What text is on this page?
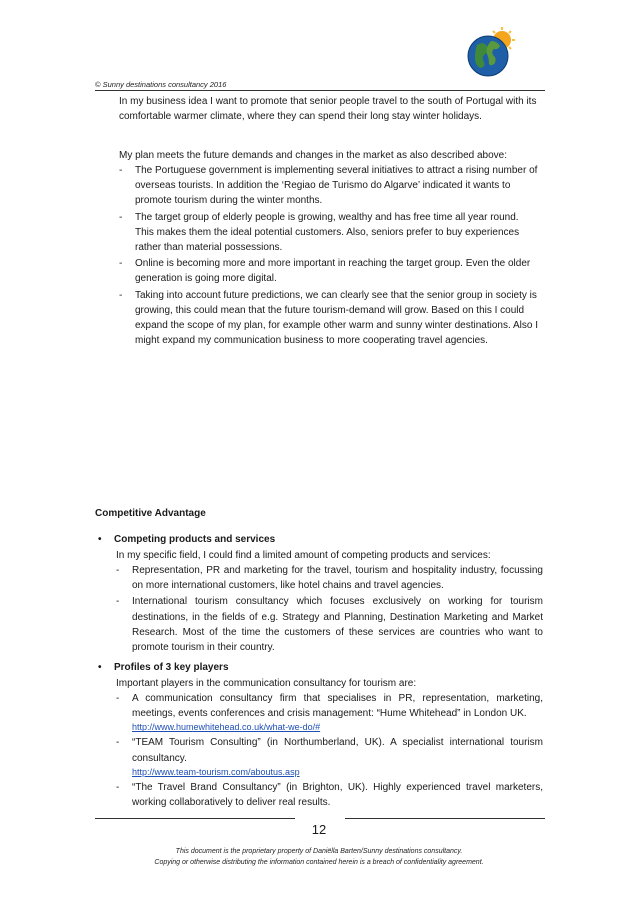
© Sunny destinations consultancy 2016
In my business idea I want to promote that senior people travel to the south of Portugal with its comfortable warmer climate, where they can spend their long stay winter holidays.
My plan meets the future demands and changes in the market as also described above:
- The Portuguese government is implementing several initiatives to attract a rising number of overseas tourists. In addition the ‘Regiao de Turismo do Algarve’ indicated it wants to promote tourism during the winter months.
- The target group of elderly people is growing, wealthy and has free time all year round. This makes them the ideal potential customers. Also, seniors prefer to buy experiences rather than material possessions.
- Online is becoming more and more important in reaching the target group. Even the older generation is going more digital.
- Taking into account future predictions, we can clearly see that the senior group in society is growing, this could mean that the future tourism-demand will grow. Based on this I could expand the scope of my plan, for example other warm and sunny winter destinations. Also I might expand my communication business to more cooperating travel agencies.
Competitive Advantage
• Competing products and services
In my specific field, I could find a limited amount of competing products and services:
- Representation, PR and marketing for the travel, tourism and hospitality industry, focussing on more international customers, like hotel chains and travel agencies.
- International tourism consultancy which focuses exclusively on working for tourism destinations, in the fields of e.g. Strategy and Planning, Destination Marketing and Market Research. Most of the time the customers of these services are countries who want to promote tourism in their country.
• Profiles of 3 key players
Important players in the communication consultancy for tourism are:
- A communication consultancy firm that specialises in PR, representation, marketing, meetings, events conferences and crisis management: “Hume Whitehead” in London UK.
http://www.humewhitehead.co.uk/what-we-do/#
- “TEAM Tourism Consulting” (in Northumberland, UK). A specialist international tourism consultancy.
http://www.team-tourism.com/aboutus.asp
- “The Travel Brand Consultancy” (in Brighton, UK). Highly experienced travel marketers, working collaboratively to deliver real results.
12
This document is the proprietary property of Daniëlla Barten/Sunny destinations consultancy.
Copying or otherwise distributing the information contained herein is a breach of confidentiality agreement.
